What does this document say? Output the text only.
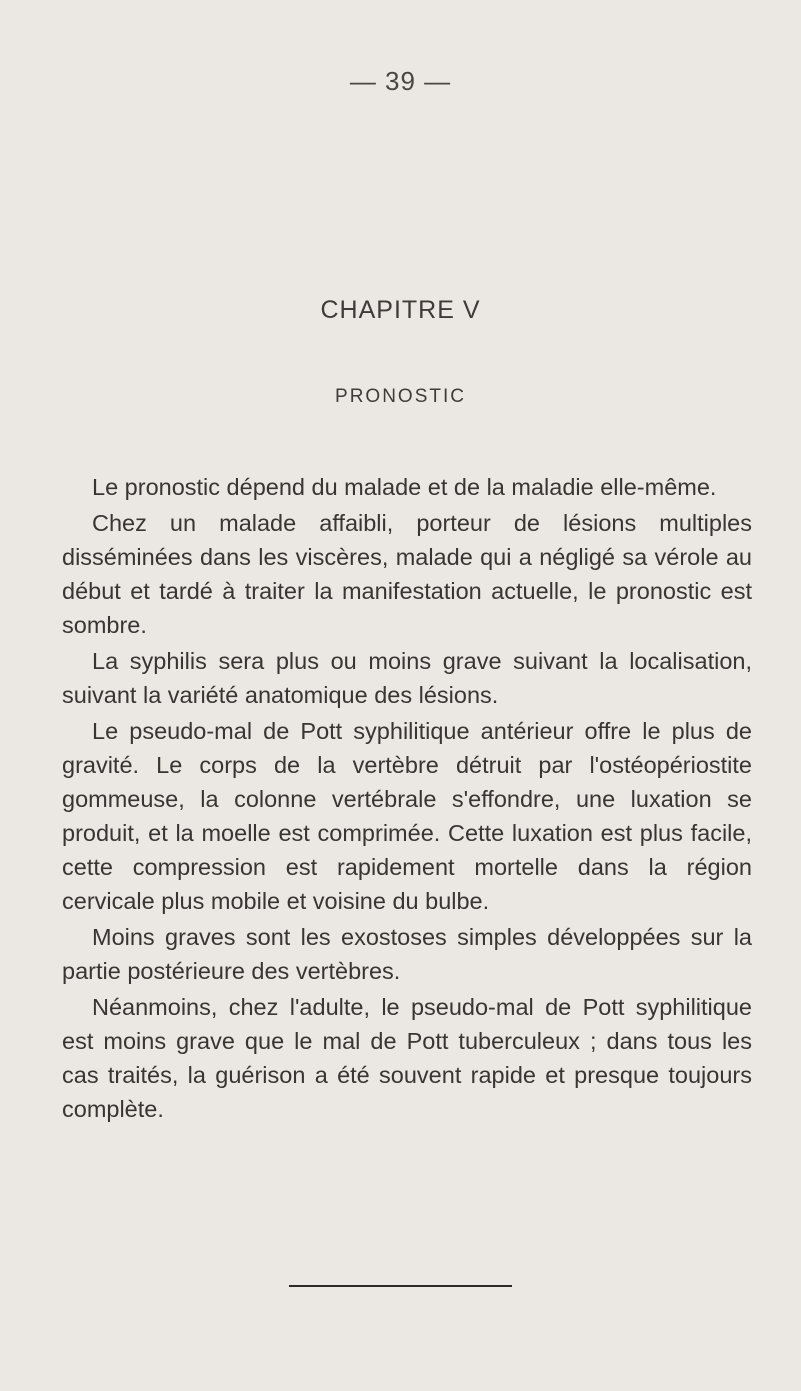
— 39 —
CHAPITRE V
PRONOSTIC

Le pronostic dépend du malade et de la maladie elle-même.

Chez un malade affaibli, porteur de lésions multiples disséminées dans les viscères, malade qui a négligé sa vérole au début et tardé à traiter la manifestation actuelle, le pronostic est sombre.

La syphilis sera plus ou moins grave suivant la localisation, suivant la variété anatomique des lésions.

Le pseudo-mal de Pott syphilitique antérieur offre le plus de gravité. Le corps de la vertèbre détruit par l'ostéopériostite gommeuse, la colonne vertébrale s'effondre, une luxation se produit, et la moelle est comprimée. Cette luxation est plus facile, cette compression est rapidement mortelle dans la région cervicale plus mobile et voisine du bulbe.

Moins graves sont les exostoses simples développées sur la partie postérieure des vertèbres.

Néanmoins, chez l'adulte, le pseudo-mal de Pott syphilitique est moins grave que le mal de Pott tuberculeux ; dans tous les cas traités, la guérison a été souvent rapide et presque toujours complète.
